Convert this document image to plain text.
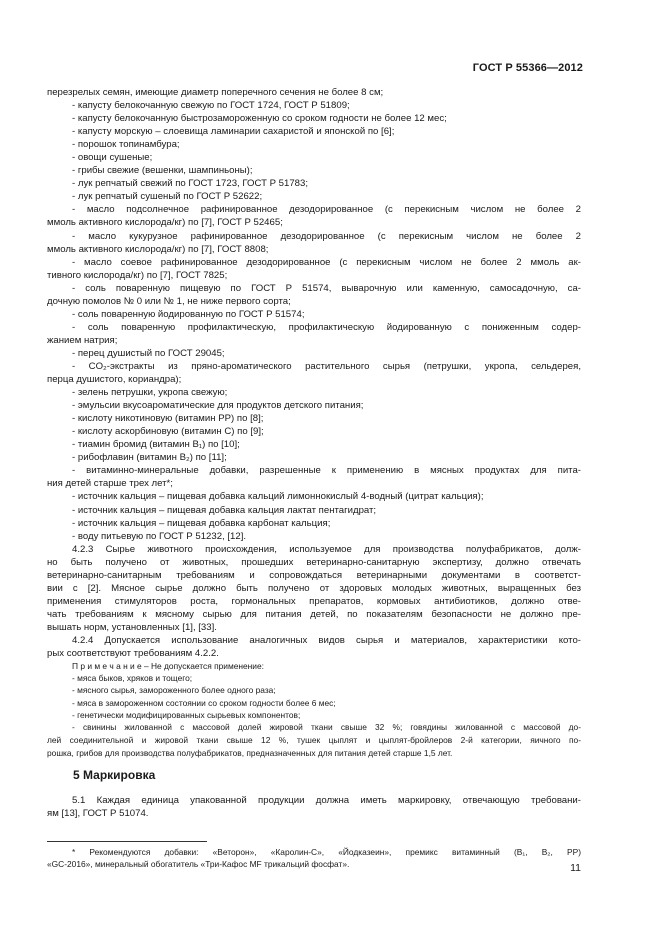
ГОСТ Р 55366—2012
перезрелых семян, имеющие диаметр поперечного сечения не более 8 см;
- капусту белокочанную свежую по ГОСТ 1724, ГОСТ Р 51809;
- капусту белокочанную быстрозамороженную со сроком годности не более 12 мес;
- капусту морскую – слоевища ламинарии сахаристой и японской по [6];
- порошок топинамбура;
- овощи сушеные;
- грибы свежие (вешенки, шампиньоны);
- лук репчатый свежий по ГОСТ 1723, ГОСТ Р 51783;
- лук репчатый сушеный по ГОСТ Р 52622;
- масло подсолнечное рафинированное дезодорированное (с перекисным числом не более 2
ммоль активного кислорода/кг) по [7], ГОСТ Р 52465;
- масло кукурузное рафинированное дезодорированное (с перекисным числом не более 2
ммоль активного кислорода/кг) по [7], ГОСТ 8808;
- масло соевое рафинированное дезодорированное (с перекисным числом не более 2 ммоль ак-
тивного кислорода/кг) по [7], ГОСТ 7825;
- соль поваренную пищевую по ГОСТ Р 51574, выварочную или каменную, самосадочную, са-
дочную помолов № 0 или № 1, не ниже первого сорта;
- соль поваренную йодированную по ГОСТ Р 51574;
- соль поваренную профилактическую, профилактическую йодированную с пониженным содер-
жанием натрия;
- перец душистый по ГОСТ 29045;
- CO₂-экстракты из пряно-ароматического растительного сырья (петрушки, укропа, сельдерея,
перца душистого, кориандра);
- зелень петрушки, укропа свежую;
- эмульсии вкусоароматические для продуктов детского питания;
- кислоту никотиновую (витамин РР) по [8];
- кислоту аскорбиновую (витамин С) по [9];
- тиамин бромид (витамин B₁) по [10];
- рибофлавин (витамин B₂) по [11];
- витаминно-минеральные добавки, разрешенные к применению в мясных продуктах для пита-
ния детей старше трех лет*;
- источник кальция – пищевая добавка кальций лимоннокислый 4-водный (цитрат кальция);
- источник кальция – пищевая добавка кальция лактат пентагидрат;
- источник кальция – пищевая добавка карбонат кальция;
- воду питьевую по ГОСТ Р 51232, [12].
4.2.3 Сырье животного происхождения, используемое для производства полуфабрикатов, долж-
но быть получено от животных, прошедших ветеринарно-санитарную экспертизу, должно отвечать
ветеринарно-санитарным требованиям и сопровождаться ветеринарными документами в соответст-
вии с [2]. Мясное сырье должно быть получено от здоровых молодых животных, выращенных без
применения стимуляторов роста, гормональных препаратов, кормовых антибиотиков, должно отве-
чать требованиям к мясному сырью для питания детей, по показателям безопасности не должно пре-
вышать норм, установленных [1], [33].
4.2.4 Допускается использование аналогичных видов сырья и материалов, характеристики кото-
рых соответствуют требованиям 4.2.2.
П р и м е ч а н и е – Не допускается применение:
- мяса быков, хряков и тощего;
- мясного сырья, замороженного более одного раза;
- мяса в замороженном состоянии со сроком годности более 6 мес;
- генетически модифицированных сырьевых компонентов;
- свинины жилованной с массовой долей жировой ткани свыше 32 %; говядины жилованной с массовой до-
лей соединительной и жировой ткани свыше 12 %, тушек цыплят и цыплят-бройлеров 2-й категории, яичного по-
рошка, грибов для производства полуфабрикатов, предназначенных для питания детей старше 1,5 лет.
5 Маркировка
5.1 Каждая единица упакованной продукции должна иметь маркировку, отвечающую требовани-
ям [13], ГОСТ Р 51074.
* Рекомендуются добавки: «Веторон», «Каролин-С», «Йодказеин», премикс витаминный (B₁, B₂, PP)
«GC-2016», минеральный обогатитель «Три-Кафос MF трикальций фосфат».	11
